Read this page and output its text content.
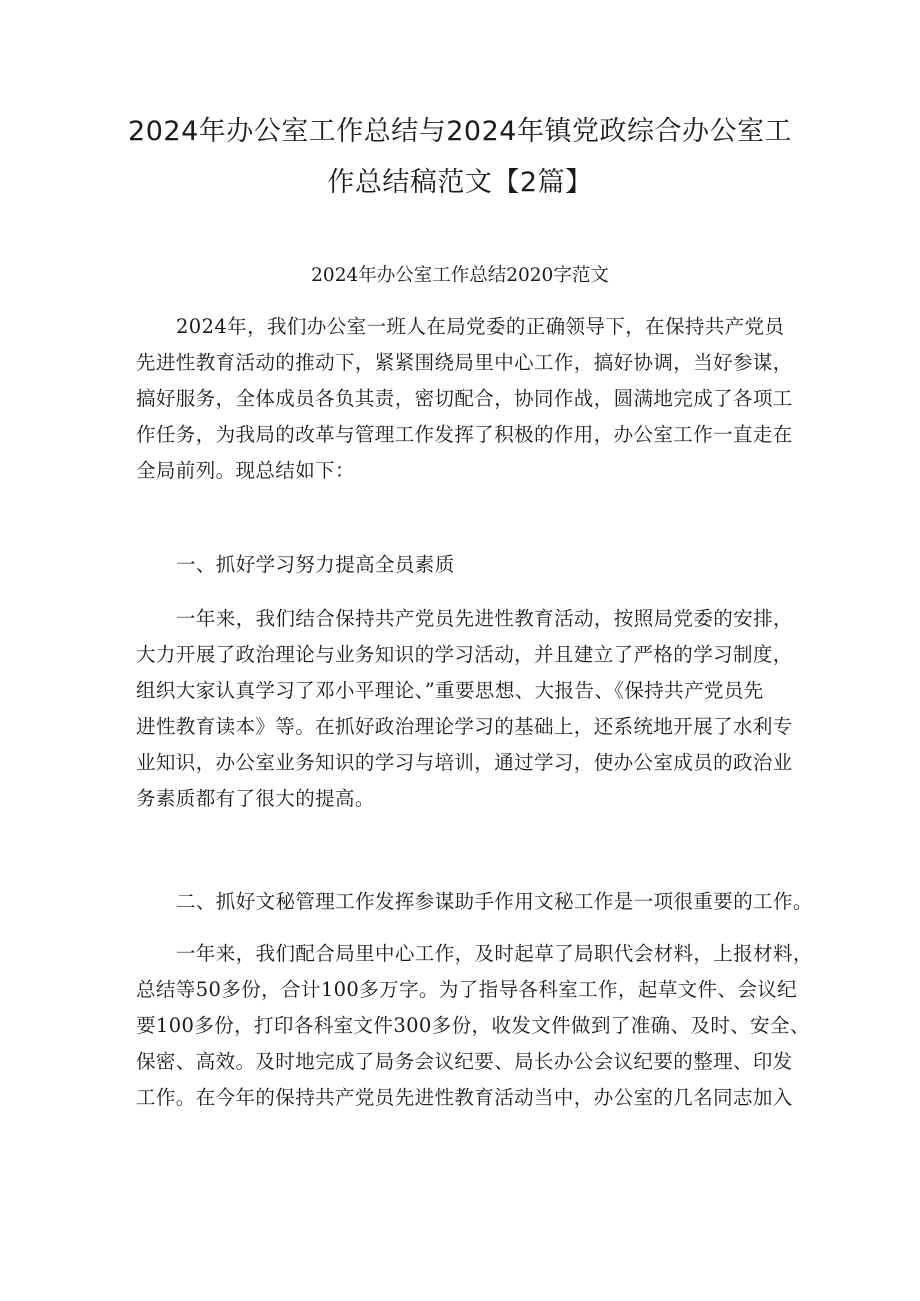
2024年办公室工作总结与2024年镇党政综合办公室工
作总结稿范文【2篇】
2024年办公室工作总结2020字范文
2024年，我们办公室一班人在局党委的正确领导下，在保持共产党员
先进性教育活动的推动下，紧紧围绕局里中心工作，搞好协调，当好参谋，
搞好服务，全体成员各负其责，密切配合，协同作战，圆满地完成了各项工
作任务，为我局的改革与管理工作发挥了积极的作用，办公室工作一直走在
全局前列。现总结如下：
一、抓好学习努力提高全员素质
一年来，我们结合保持共产党员先进性教育活动，按照局党委的安排，
大力开展了政治理论与业务知识的学习活动，并且建立了严格的学习制度，
组织大家认真学习了邓小平理论、”重要思想、大报告、《保持共产党员先
进性教育读本》等。在抓好政治理论学习的基础上，还系统地开展了水利专
业知识，办公室业务知识的学习与培训，通过学习，使办公室成员的政治业
务素质都有了很大的提高。
二、抓好文秘管理工作发挥参谋助手作用文秘工作是一项很重要的工作。
一年来，我们配合局里中心工作，及时起草了局职代会材料，上报材料，
总结等50多份，合计100多万字。为了指导各科室工作，起草文件、会议纪
要100多份，打印各科室文件300多份，收发文件做到了准确、及时、安全、
保密、高效。及时地完成了局务会议纪要、局长办公会议纪要的整理、印发
工作。在今年的保持共产党员先进性教育活动当中，办公室的几名同志加入
